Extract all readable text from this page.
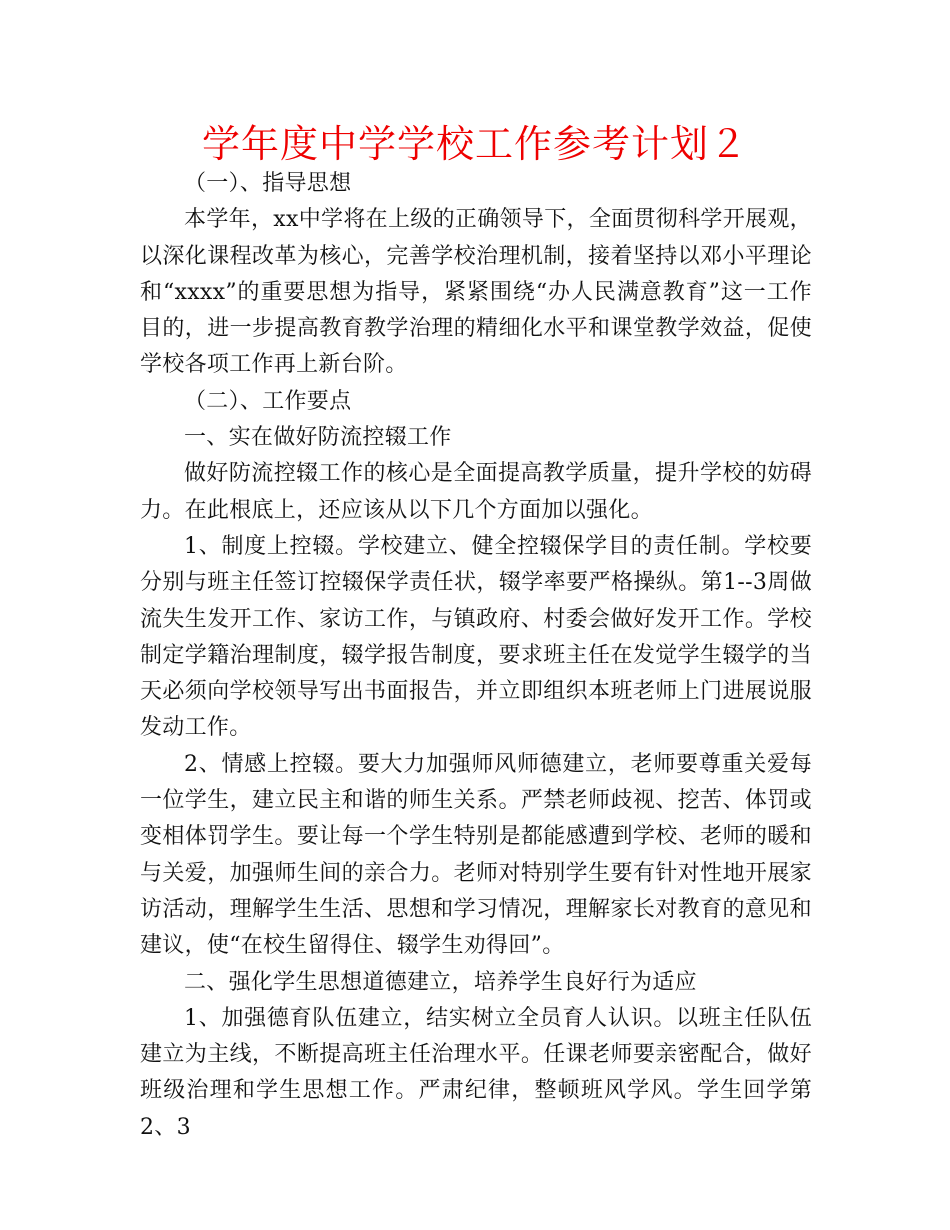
学年度中学学校工作参考计划２

（一）、指导思想

本学年，xx中学将在上级的正确领导下，全面贯彻科学开展观，以深化课程改革为核心，完善学校治理机制，接着坚持以邓小平理论和“xxxx”的重要思想为指导，紧紧围绕“办人民满意教育”这一工作目的，进一步提高教育教学治理的精细化水平和课堂教学效益，促使学校各项工作再上新台阶。

（二）、工作要点

一、实在做好防流控辍工作

做好防流控辍工作的核心是全面提高教学质量，提升学校的妨碍力。在此根底上，还应该从以下几个方面加以强化。

1、制度上控辍。学校建立、健全控辍保学目的责任制。学校要分别与班主任签订控辍保学责任状，辍学率要严格操纵。第1--3周做流失生发开工作、家访工作，与镇政府、村委会做好发开工作。学校制定学籍治理制度，辍学报告制度，要求班主任在发觉学生辍学的当天必须向学校领导写出书面报告，并立即组织本班老师上门进展说服发动工作。

2、情感上控辍。要大力加强师风师德建立，老师要尊重关爱每一位学生，建立民主和谐的师生关系。严禁老师歧视、挖苦、体罚或变相体罚学生。要让每一个学生特别是都能感遭到学校、老师的暖和与关爱，加强师生间的亲合力。老师对特别学生要有针对性地开展家访活动，理解学生生活、思想和学习情况，理解家长对教育的意见和建议，使“在校生留得住、辍学生劝得回”。

二、强化学生思想道德建立，培养学生良好行为适应

1、加强德育队伍建立，结实树立全员育人认识。以班主任队伍建立为主线，不断提高班主任治理水平。任课老师要亲密配合，做好班级治理和学生思想工作。严肃纪律，整顿班风学风。学生回学第2、3
